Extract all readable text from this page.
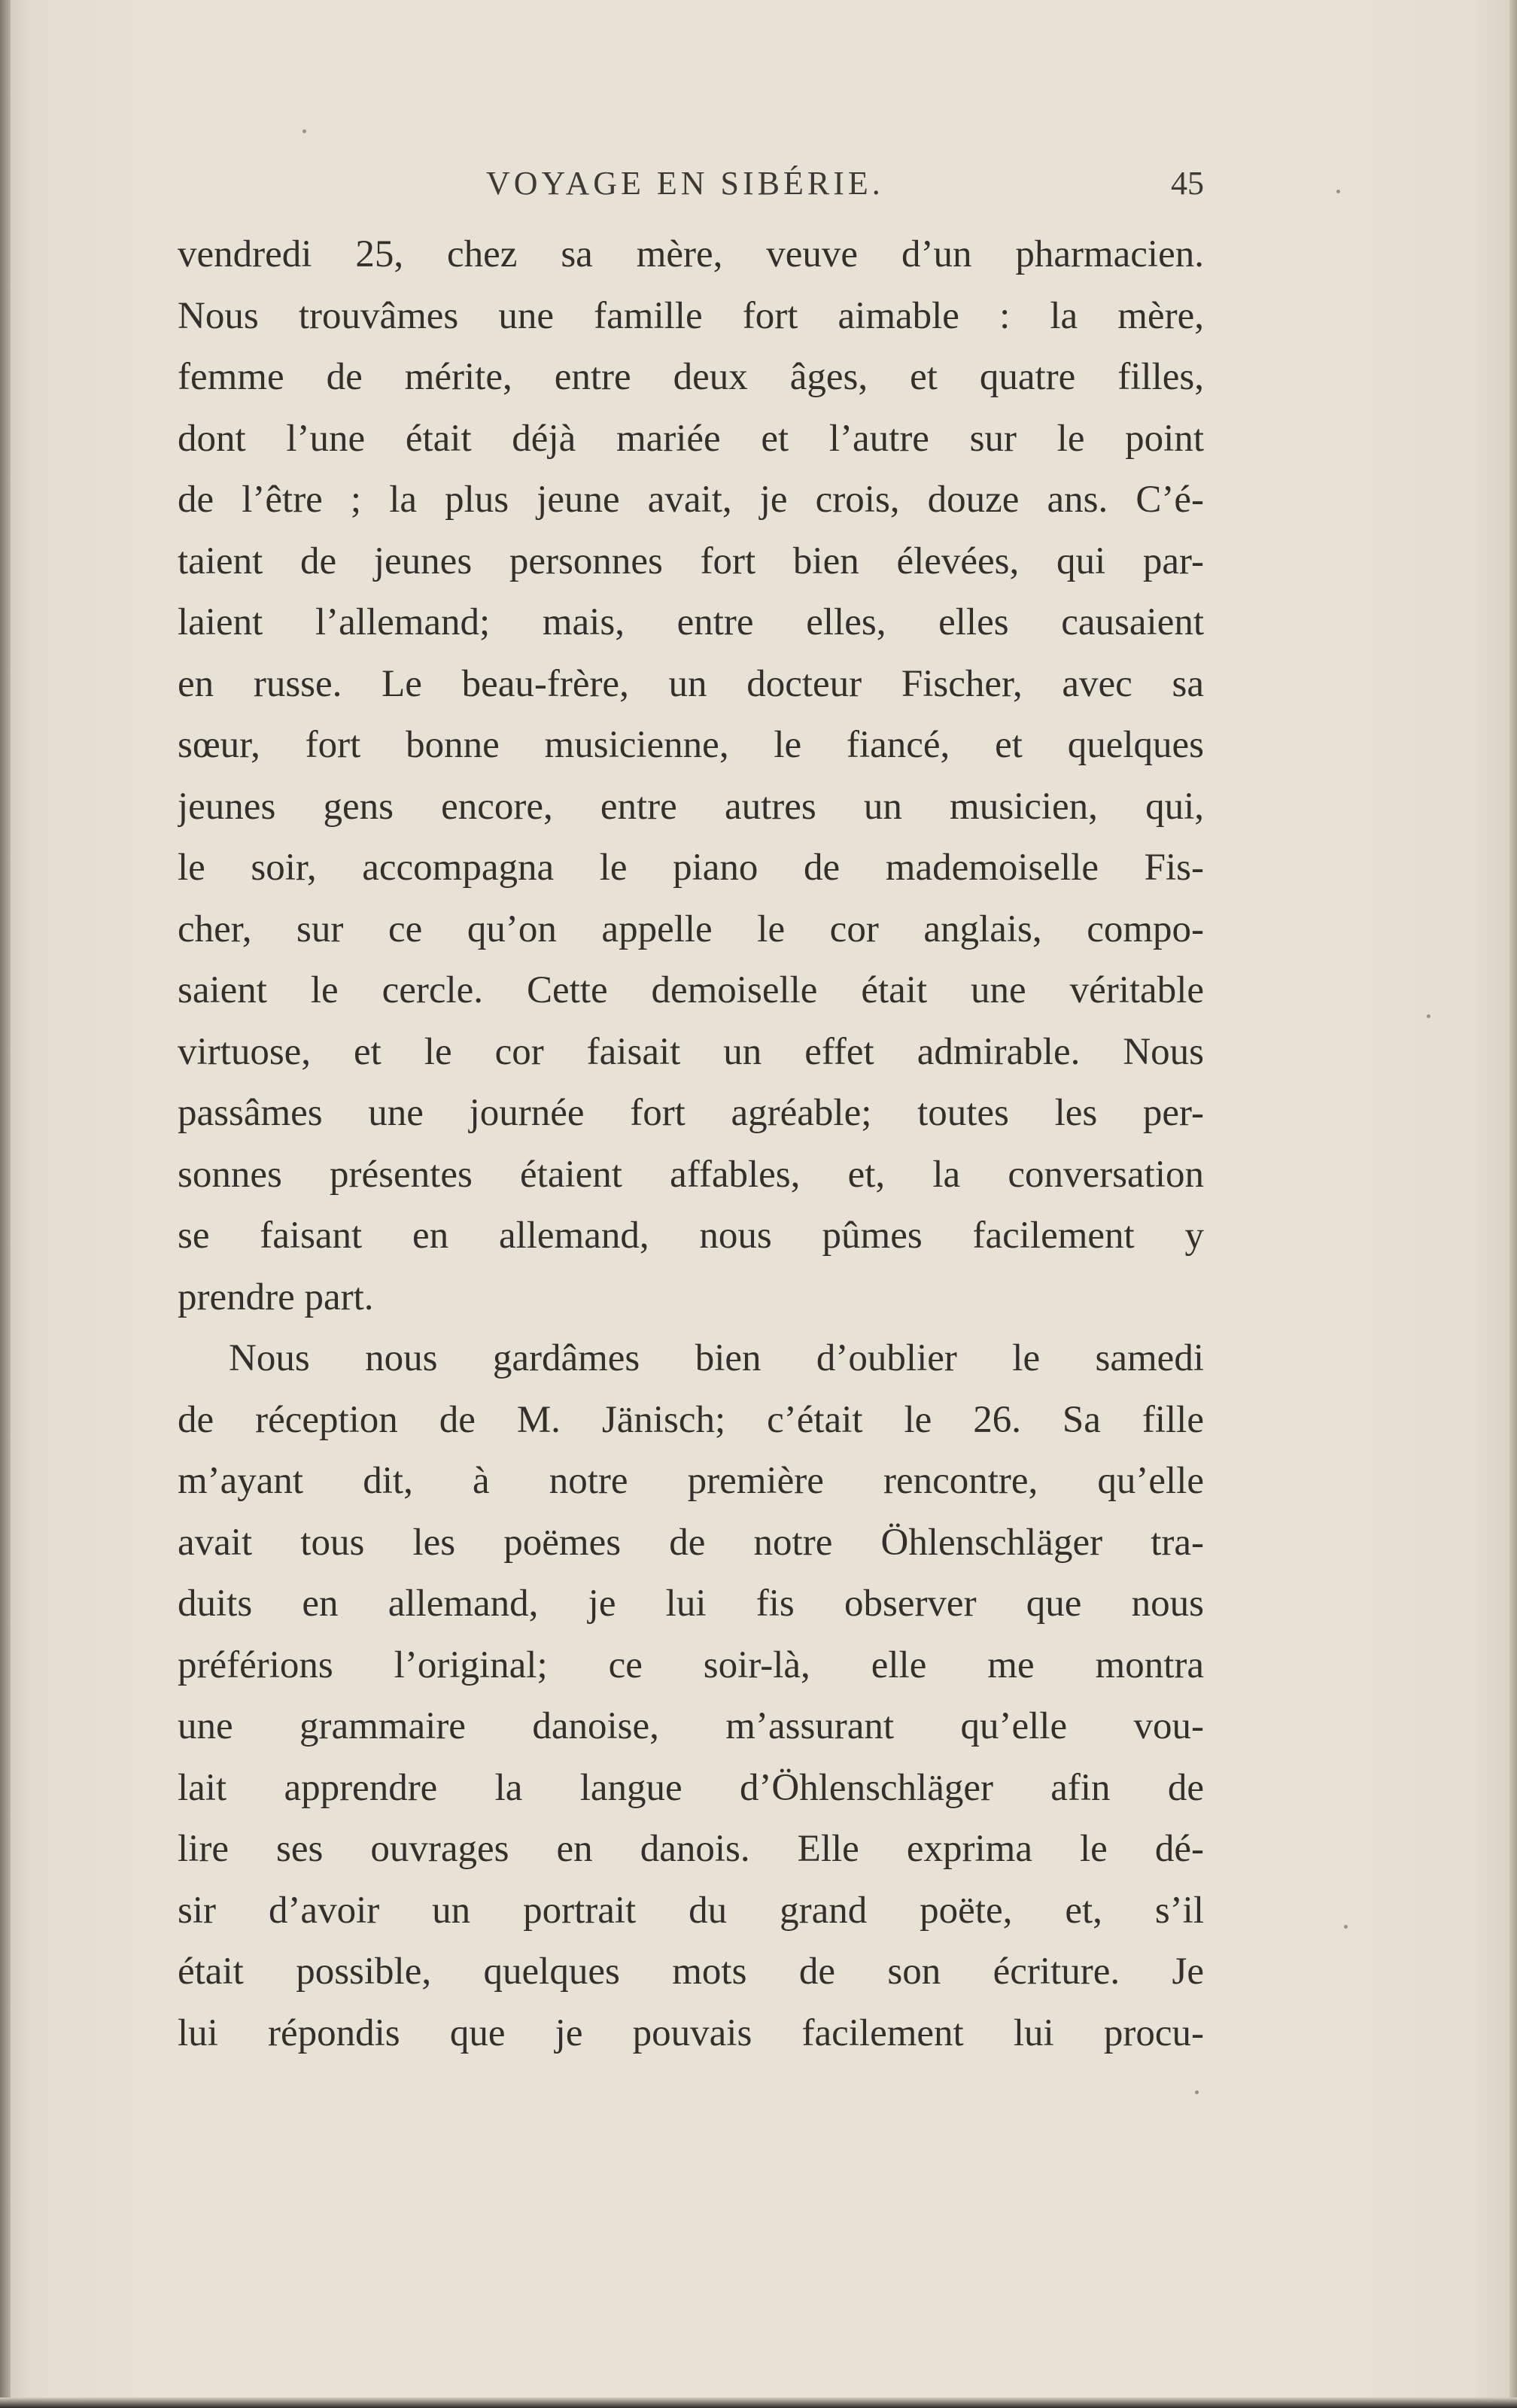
VOYAGE EN SIBÉRIE.	45
vendredi 25, chez sa mère, veuve d’un pharmacien.
Nous trouvâmes une famille fort aimable : la mère,
femme de mérite, entre deux âges, et quatre filles,
dont l’une était déjà mariée et l’autre sur le point
de l’être ; la plus jeune avait, je crois, douze ans. C’é-
taient de jeunes personnes fort bien élevées, qui par-
laient l’allemand; mais, entre elles, elles causaient
en russe. Le beau-frère, un docteur Fischer, avec sa
sœur, fort bonne musicienne, le fiancé, et quelques
jeunes gens encore, entre autres un musicien, qui,
le soir, accompagna le piano de mademoiselle Fis-
cher, sur ce qu’on appelle le cor anglais, compo-
saient le cercle. Cette demoiselle était une véritable
virtuose, et le cor faisait un effet admirable. Nous
passâmes une journée fort agréable; toutes les per-
sonnes présentes étaient affables, et, la conversation
se faisant en allemand, nous pûmes facilement y
prendre part.
Nous nous gardâmes bien d’oublier le samedi
de réception de M. Jänisch; c’était le 26. Sa fille
m’ayant dit, à notre première rencontre, qu’elle
avait tous les poëmes de notre Öhlenschläger tra-
duits en allemand, je lui fis observer que nous
préférions l’original; ce soir-là, elle me montra
une grammaire danoise, m’assurant qu’elle vou-
lait apprendre la langue d’Öhlenschläger afin de
lire ses ouvrages en danois. Elle exprima le dé-
sir d’avoir un portrait du grand poëte, et, s’il
était possible, quelques mots de son écriture. Je
lui répondis que je pouvais facilement lui procu-
